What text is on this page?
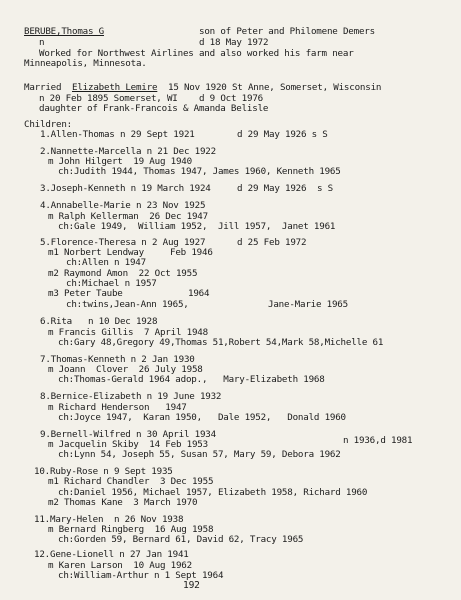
BERUBE,Thomas G	son of Peter and Philomene Demers
n	d 18 May 1972
Worked for Northwest Airlines and also worked his farm near
Minneapolis, Minnesota.
Married Elizabeth Lemire 15 Nov 1920 St Anne, Somerset, Wisconsin
n 20 Feb 1895 Somerset, WI d 9 Oct 1976
daughter of Frank-Francois & Amanda Belisle
Children:
1.Allen-Thomas n 29 Sept 1921	d 29 May 1926 s S
2.Nannette-Marcella n 21 Dec 1922
m John Hilgert  19 Aug 1940
ch:Judith 1944, Thomas 1947, James 1960, Kenneth 1965
3.Joseph-Kenneth n 19 March 1924	d 29 May 1926  s S
4.Annabelle-Marie n 23 Nov 1925
m Ralph Kellerman  26 Dec 1947
ch:Gale 1949,  William 1952,  Jill 1957,  Janet 1961
5.Florence-Theresa n 2 Aug 1927	d 25 Feb 1972
m1 Norbert Lendway	Feb 1946
ch:Allen n 1947
m2 Raymond Amon  22 Oct 1955
ch:Michael n 1957
m3 Peter Taube	1964
ch:twins,Jean-Ann 1965,	Jane-Marie 1965
6.Rita   n 10 Dec 1928
m Francis Gillis  7 April 1948
ch:Gary 48,Gregory 49,Thomas 51,Robert 54,Mark 58,Michelle 61
7.Thomas-Kenneth n 2 Jan 1930
m Joann  Clover  26 July 1958
ch:Thomas-Gerald 1964 adop.,   Mary-Elizabeth 1968
8.Bernice-Elizabeth n 19 June 1932
m Richard Henderson   1947
ch:Joyce 1947,  Karan 1950,   Dale 1952,   Donald 1960
9.Bernell-Wilfred n 30 April 1934
m Jacquelin Skiby  14 Feb 1953	n 1936,d 1981
ch:Lynn 54, Joseph 55, Susan 57, Mary 59, Debora 1962
10.Ruby-Rose n 9 Sept 1935
m1 Richard Chandler  3 Dec 1955
ch:Daniel 1956, Michael 1957, Elizabeth 1958, Richard 1960
m2 Thomas Kane  3 March 1970
11.Mary-Helen  n 26 Nov 1938
m Bernard Ringberg  16 Aug 1958
ch:Gorden 59, Bernard 61, David 62, Tracy 1965
12.Gene-Lionell n 27 Jan 1941
m Karen Larson  10 Aug 1962
ch:William-Arthur n 1 Sept 1964
192
